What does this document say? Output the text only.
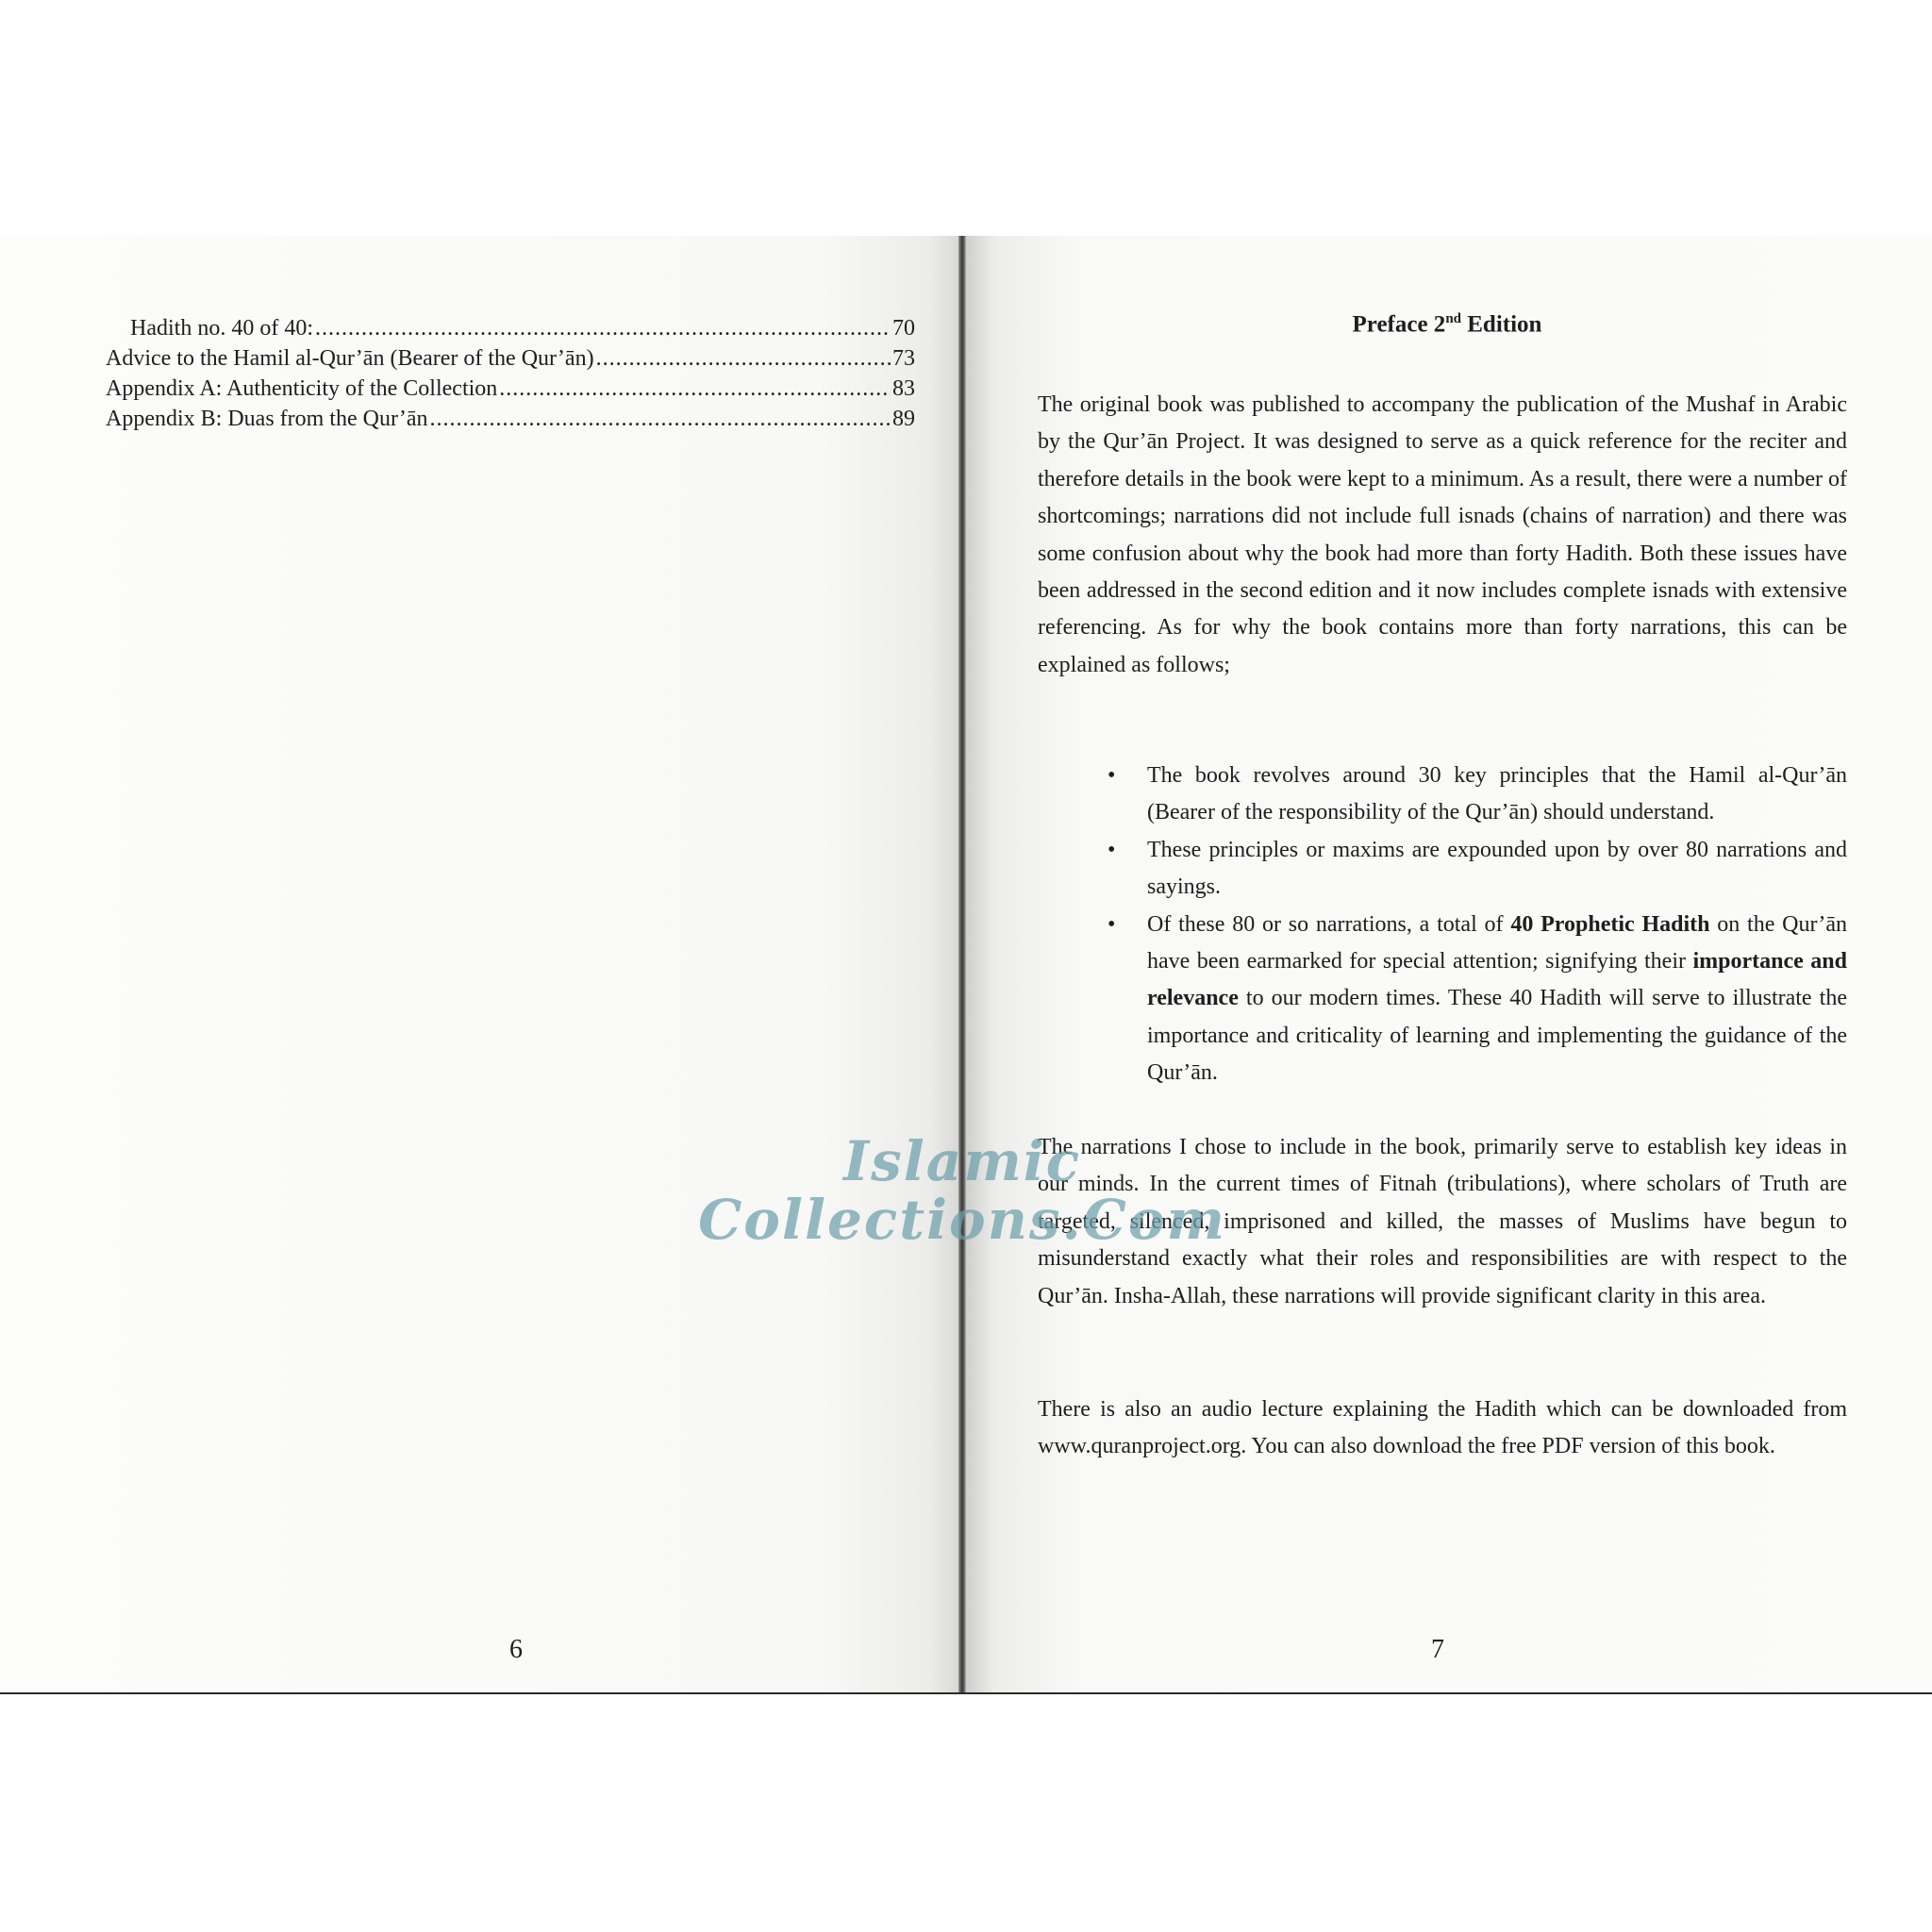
Hadith no. 40 of 40: .....	70
Advice to the Hamil al-Qur’ān (Bearer of the Qur’ān) .....	73
Appendix A: Authenticity of the Collection .....	83
Appendix B: Duas from the Qur’ān .....	89
6
Preface 2nd Edition
The original book was published to accompany the publication of the Mushaf in Arabic by the Qur’ān Project. It was designed to serve as a quick reference for the reciter and therefore details in the book were kept to a minimum. As a result, there were a number of shortcomings; narrations did not include full isnads (chains of narration) and there was some confusion about why the book had more than forty Hadith. Both these issues have been addressed in the second edition and it now includes complete isnads with extensive referencing. As for why the book contains more than forty narrations, this can be explained as follows;
• The book revolves around 30 key principles that the Hamil al-Qur’ān (Bearer of the responsibility of the Qur’ān) should understand.
• These principles or maxims are expounded upon by over 80 narrations and sayings.
• Of these 80 or so narrations, a total of 40 Prophetic Hadith on the Qur’ān have been earmarked for special attention; signifying their importance and relevance to our modern times. These 40 Hadith will serve to illustrate the importance and criticality of learning and implementing the guidance of the Qur’ān.
The narrations I chose to include in the book, primarily serve to establish key ideas in our minds. In the current times of Fitnah (tribulations), where scholars of Truth are targeted, silenced, imprisoned and killed, the masses of Muslims have begun to misunderstand exactly what their roles and responsibilities are with respect to the Qur’ān. Insha-Allah, these narrations will provide significant clarity in this area.
There is also an audio lecture explaining the Hadith which can be downloaded from www.quranproject.org. You can also download the free PDF version of this book.
7
Islamic
Collections.Com
